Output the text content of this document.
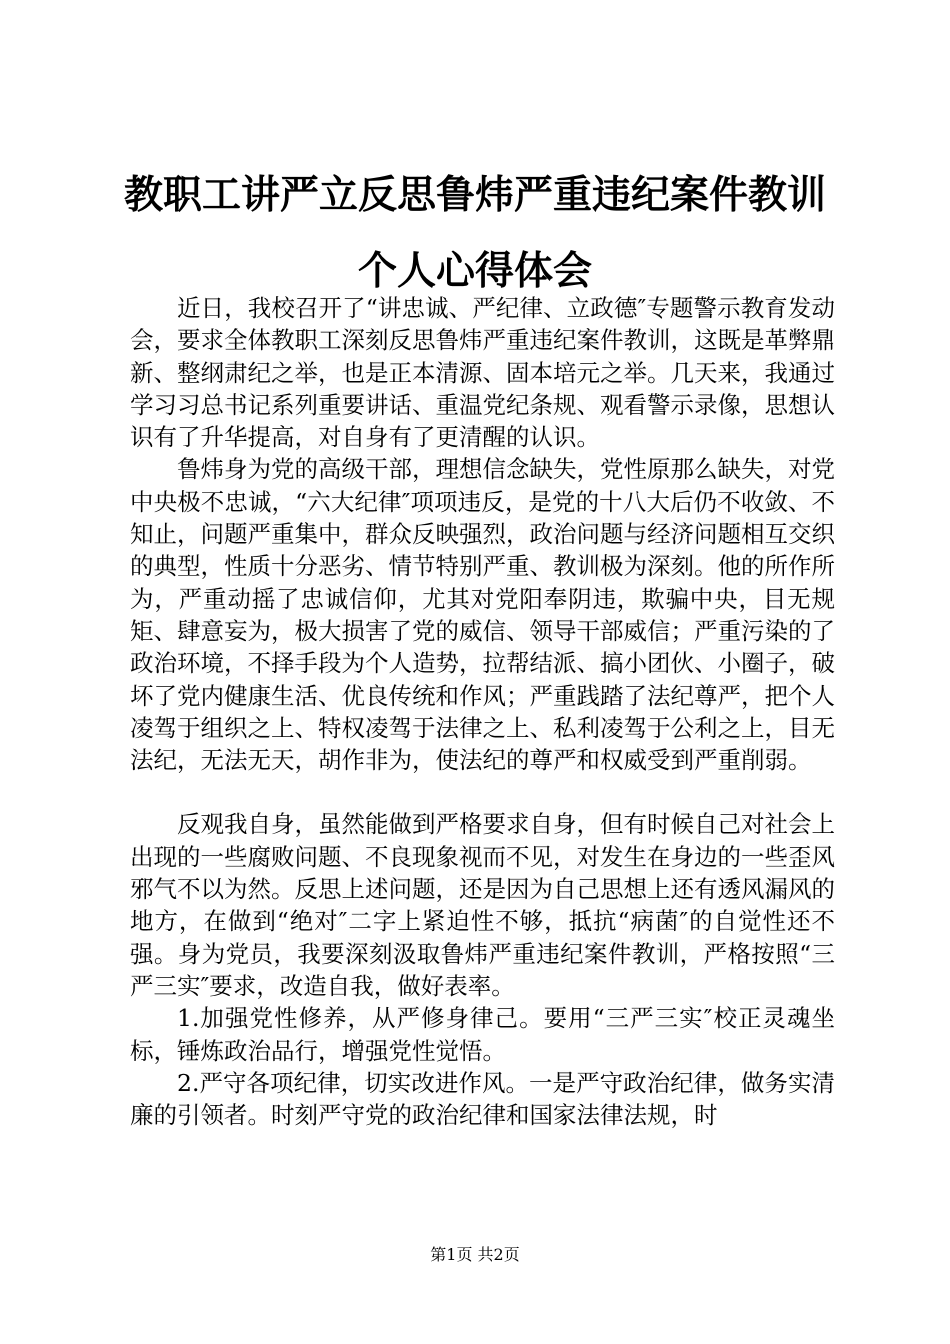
教职工讲严立反思鲁炜严重违纪案件教训个人心得体会

近日，我校召开了“讲忠诚、严纪律、立政德″专题警示教育发动会，要求全体教职工深刻反思鲁炜严重违纪案件教训，这既是革弊鼎新、整纲肃纪之举，也是正本清源、固本培元之举。几天来，我通过学习习总书记系列重要讲话、重温党纪条规、观看警示录像，思想认识有了升华提高，对自身有了更清醒的认识。

鲁炜身为党的高级干部，理想信念缺失，党性原那么缺失，对党中央极不忠诚，“六大纪律″项项违反，是党的十八大后仍不收敛、不知止，问题严重集中，群众反映强烈，政治问题与经济问题相互交织的典型，性质十分恶劣、情节特别严重、教训极为深刻。他的所作所为，严重动摇了忠诚信仰，尤其对党阳奉阴违，欺骗中央，目无规矩、肆意妄为，极大损害了党的威信、领导干部威信；严重污染的了政治环境，不择手段为个人造势，拉帮结派、搞小团伙、小圈子，破坏了党内健康生活、优良传统和作风；严重践踏了法纪尊严，把个人凌驾于组织之上、特权凌驾于法律之上、私利凌驾于公利之上，目无法纪，无法无天，胡作非为，使法纪的尊严和权威受到严重削弱。

反观我自身，虽然能做到严格要求自身，但有时候自己对社会上出现的一些腐败问题、不良现象视而不见，对发生在身边的一些歪风邪气不以为然。反思上述问题，还是因为自己思想上还有透风漏风的地方，在做到“绝对″二字上紧迫性不够，抵抗“病菌″的自觉性还不强。身为党员，我要深刻汲取鲁炜严重违纪案件教训，严格按照“三严三实″要求，改造自我，做好表率。

1.加强党性修养，从严修身律己。要用“三严三实″校正灵魂坐标，锤炼政治品行，增强党性觉悟。

2.严守各项纪律，切实改进作风。一是严守政治纪律，做务实清廉的引领者。时刻严守党的政治纪律和国家法律法规，时

第1页 共2页
